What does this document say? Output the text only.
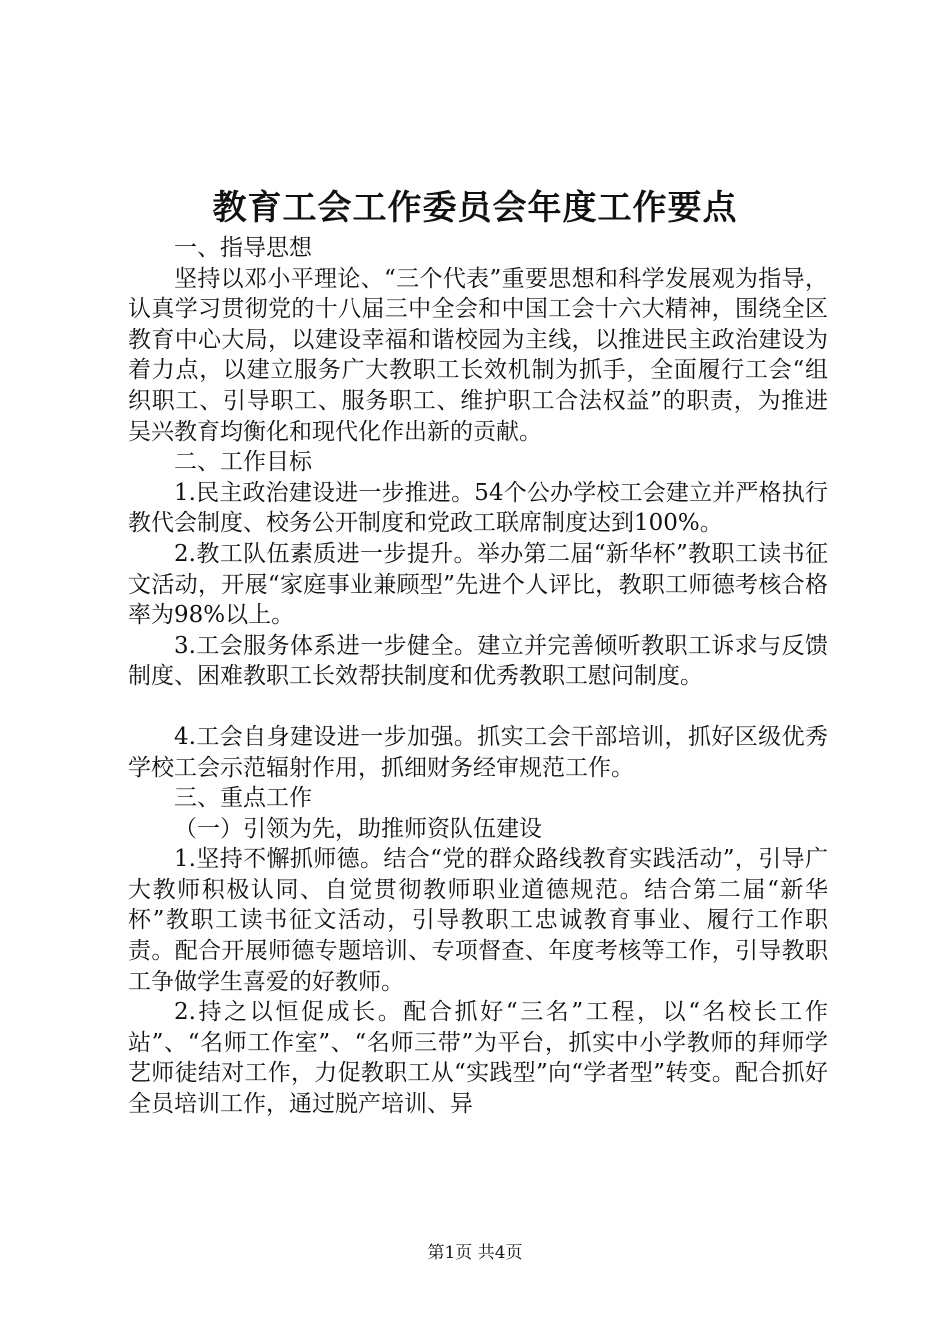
教育工会工作委员会年度工作要点

一、指导思想

坚持以邓小平理论、“三个代表”重要思想和科学发展观为指导，认真学习贯彻党的十八届三中全会和中国工会十六大精神，围绕全区教育中心大局，以建设幸福和谐校园为主线，以推进民主政治建设为着力点，以建立服务广大教职工长效机制为抓手，全面履行工会“组织职工、引导职工、服务职工、维护职工合法权益”的职责，为推进吴兴教育均衡化和现代化作出新的贡献。

二、工作目标

1.民主政治建设进一步推进。54个公办学校工会建立并严格执行教代会制度、校务公开制度和党政工联席制度达到100%。

2.教工队伍素质进一步提升。举办第二届“新华杯”教职工读书征文活动，开展“家庭事业兼顾型”先进个人评比，教职工师德考核合格率为98%以上。

3.工会服务体系进一步健全。建立并完善倾听教职工诉求与反馈制度、困难教职工长效帮扶制度和优秀教职工慰问制度。

4.工会自身建设进一步加强。抓实工会干部培训，抓好区级优秀学校工会示范辐射作用，抓细财务经审规范工作。

三、重点工作

（一）引领为先，助推师资队伍建设

1.坚持不懈抓师德。结合“党的群众路线教育实践活动”，引导广大教师积极认同、自觉贯彻教师职业道德规范。结合第二届“新华杯”教职工读书征文活动，引导教职工忠诚教育事业、履行工作职责。配合开展师德专题培训、专项督查、年度考核等工作，引导教职工争做学生喜爱的好教师。

2.持之以恒促成长。配合抓好“三名”工程，以“名校长工作站”、“名师工作室”、“名师三带”为平台，抓实中小学教师的拜师学艺师徒结对工作，力促教职工从“实践型”向“学者型”转变。配合抓好全员培训工作，通过脱产培训、异

第1页 共4页
